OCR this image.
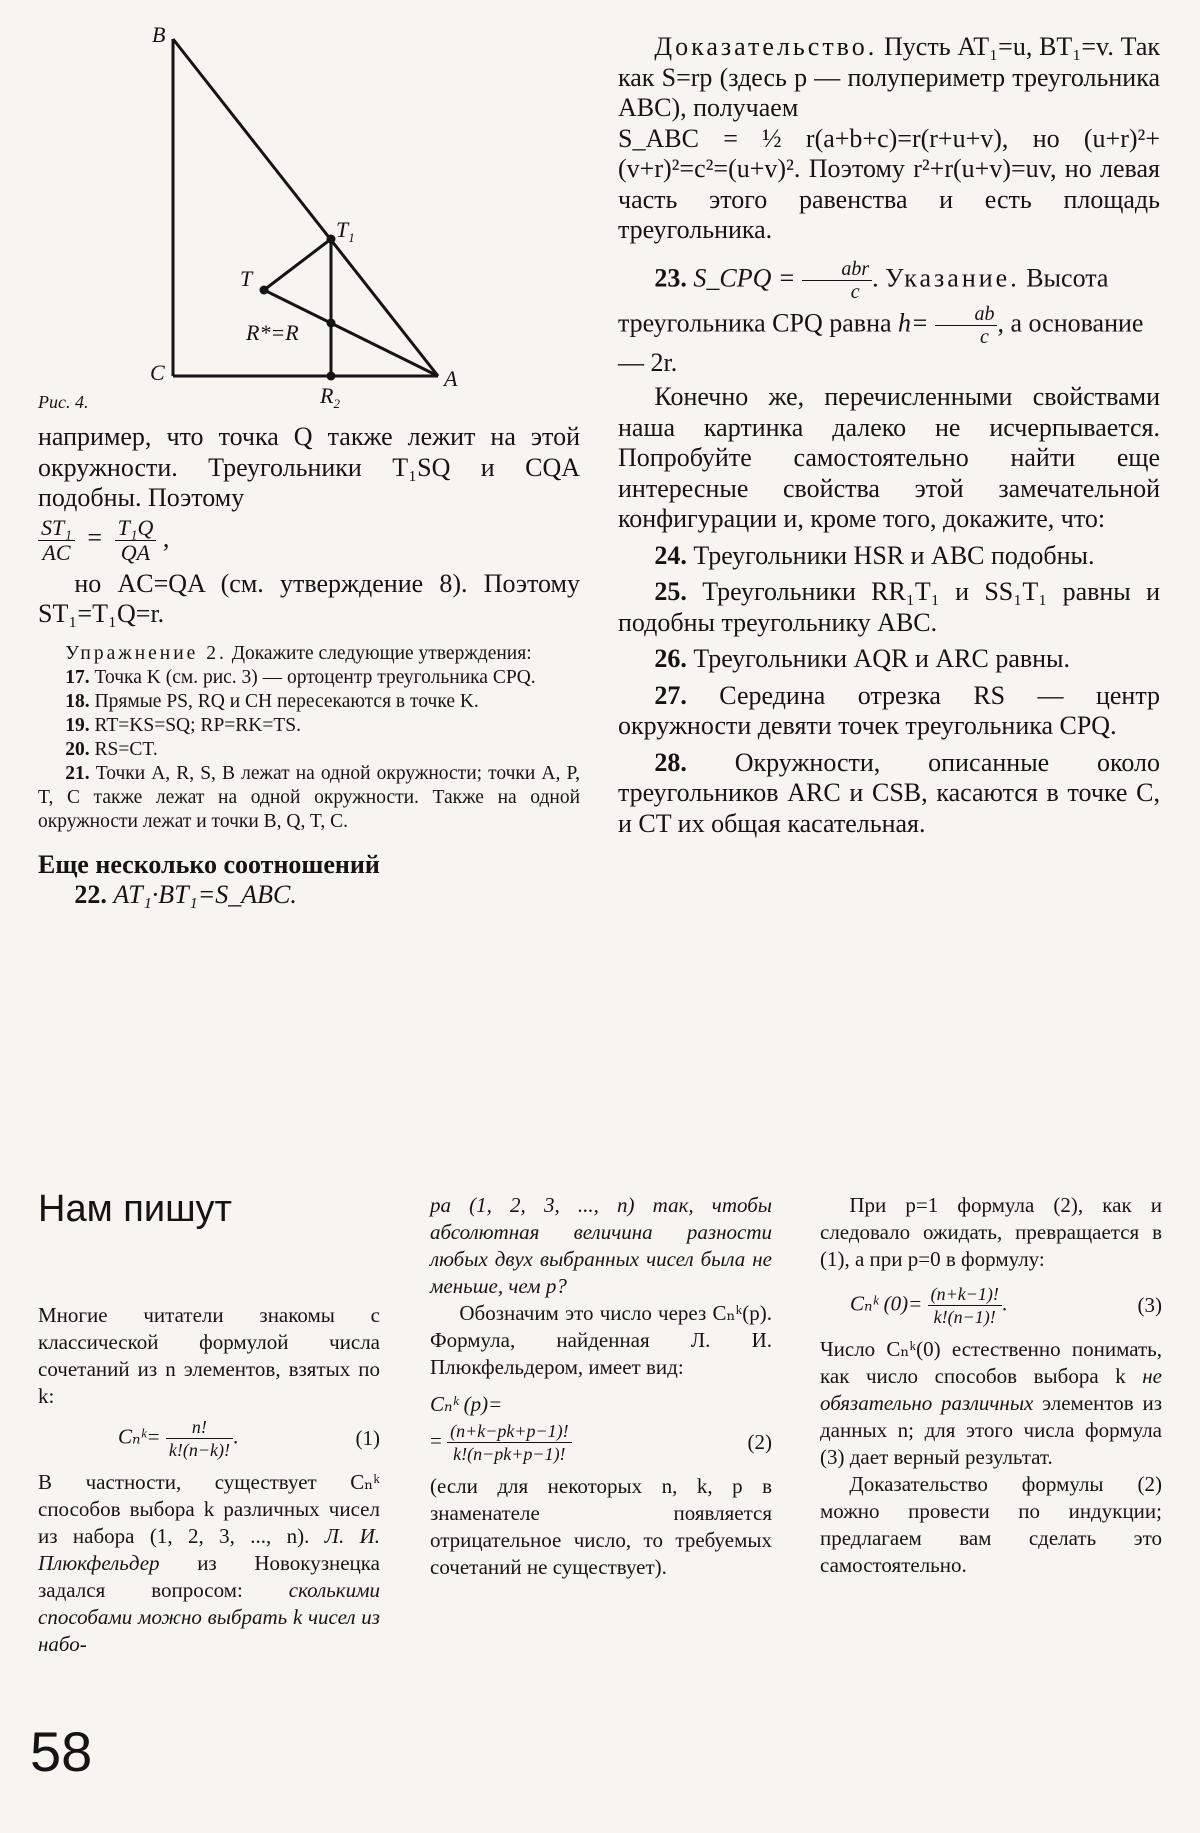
B
$T_1$
T
R*=R
C	A
$R_2$
Рис. 4.

например, что точка Q также лежит на этой окружности. Треугольники T₁SQ и CQA подобны. Поэтому

$\frac{\text{ST₁}}{AC} = \frac{\text{T₁Q}}{QA}$ ,

но AC=QA (см. утверждение 8). Поэтому ST₁=T₁Q=r.

Упражнение 2. Докажите следующие утверждения:

17. Точка K (см. рис. 3) — ортоцентр треугольника CPQ.

18. Прямые PS, RQ и CH пересекаются в точке K.

19. RT=KS=SQ; RP=RK=TS.

20. RS=CT.

21. Точки A, R, S, B лежат на одной окружности; точки A, P, T, C также лежат на одной окружности. Также на одной окружности лежат и точки B, Q, T, C.

Еще несколько соотношений

22. AT₁·BT₁=S_ABC.

Доказательство. Пусть AT₁=u, BT₁=v. Так как S=rp (здесь p — полупериметр треугольника ABC), получаем

S_ABC = ½ r(a+b+c)=r(r+u+v), но (u+r)²+(v+r)²=c²=(u+v)². Поэтому r²+r(u+v)=uv, но левая часть этого равенства и есть площадь треугольника.

23. S_CPQ = $\frac{\text{abr}}{c}$ . Указание. Высота треугольника CPQ равна $h= \frac{ab}{c}$ , а основание — 2r.

Конечно же, перечисленными свойствами наша картинка далеко не исчерпывается. Попробуйте самостоятельно найти еще интересные свойства этой замечательной конфигурации и, кроме того, докажите, что:

24. Треугольники HSR и ABC подобны.

25. Треугольники RR₁T₁ и SS₁T₁ равны и подобны треугольнику ABC.

26. Треугольники AQR и ARC равны.

27. Середина отрезка RS — центр окружности девяти точек треугольника CPQ.

28. Окружности, описанные около треугольников ARC и CSB, касаются в точке C, и CT их общая касательная.

Нам пишут

Многие читатели знакомы с классической формулой числа сочетаний из n элементов, взятых по k:

Cₙᵏ= $\frac{n!}{k!(n-k)!}$ .	(1)

В частности, существует Cₙᵏ способов выбора k различных чисел из набора (1, 2, 3, ..., n). Л. И. Плюкфельдер из Новокузнецка задался вопросом: сколькими способами можно выбрать k чисел из набо-

ра (1, 2, 3, ..., n) так, чтобы абсолютная величина разности любых двух выбранных чисел была не меньше, чем p?

Обозначим это число через Cₙᵏ(p). Формула, найденная Л. И. Плюкфельдером, имеет вид:

Cₙᵏ (p)=
= $\frac{(n+k-pk+p-1)!}{k!(n-pk+p-1)!}$	(2)

(если для некоторых n, k, p в знаменателе появляется отрицательное число, то требуемых сочетаний не существует).

При p=1 формула (2), как и следовало ожидать, превращается в (1), а при p=0 в формулу:

Cₙᵏ $(0)= \frac{(n+k-1)!}{k!(n-1)!}$ .	(3)

Число Cₙᵏ(0) естественно понимать, как число способов выбора k не обязательно различных элементов из данных n; для этого числа формула (3) дает верный результат.

Доказательство формулы (2) можно провести по индукции; предлагаем вам сделать это самостоятельно.

58
